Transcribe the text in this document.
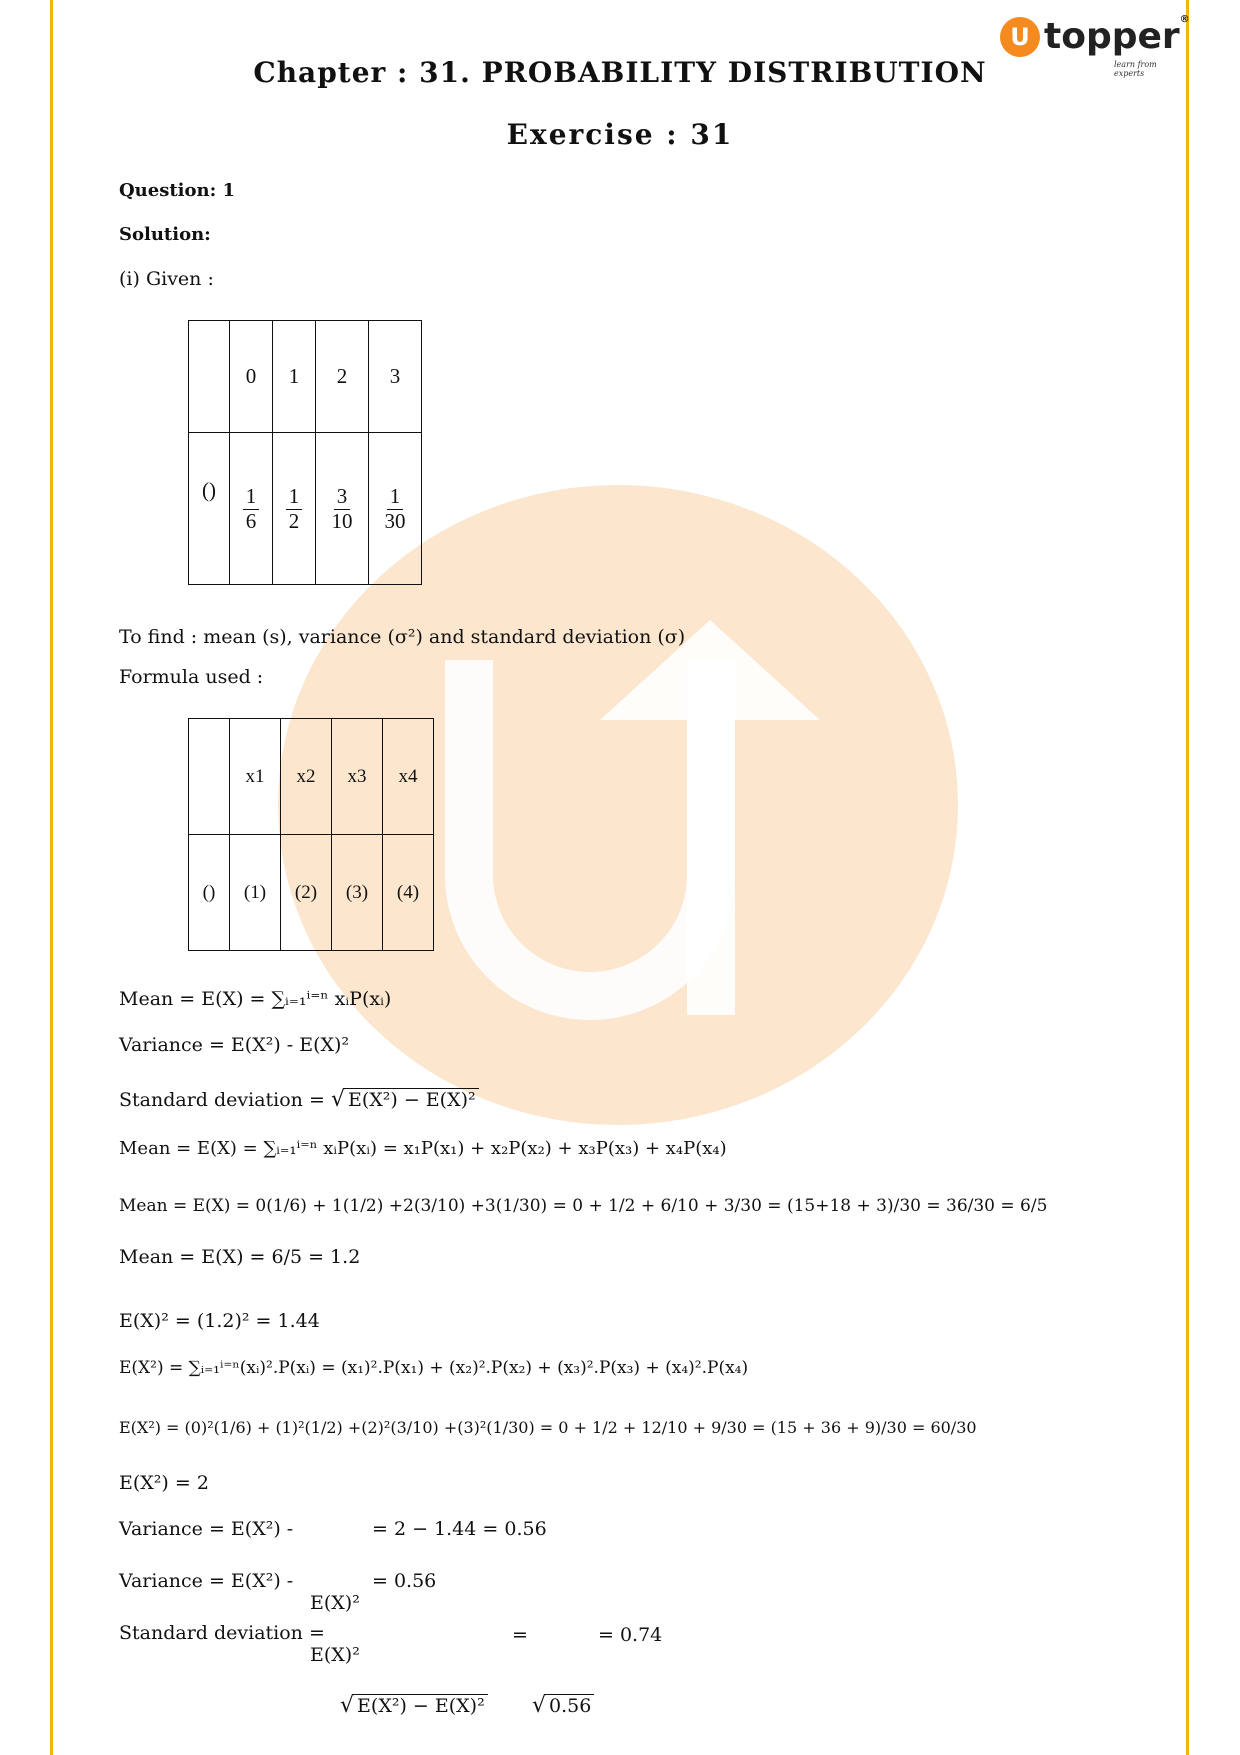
U topper ®
learn from experts
Chapter : 31. PROBABILITY DISTRIBUTION
Exercise : 31
Question: 1
Solution:
(i) Given :
	0	1	2	3
()	$\frac{1}{6}$	$\frac{1}{2}$	$\frac{3}{10}$	$\frac{1}{30}$
To find : mean (s), variance (σ²) and standard deviation (σ)
Formula used :
	x1	x2	x3	x4
()	(1)	(2)	(3)	(4)
Mean = E(X) = ∑ᵢ₌₁ⁱ⁼ⁿ xᵢP(xᵢ)
Variance = E(X²) - E(X)²
Standard deviation = √ E(X²) − E(X)²
Mean = E(X) = ∑ᵢ₌₁ⁱ⁼ⁿ xᵢP(xᵢ) = x₁P(x₁) + x₂P(x₂) + x₃P(x₃) + x₄P(x₄)
Mean = E(X) = 0(1/6) + 1(1/2) +2(3/10) +3(1/30) = 0 + 1/2 + 6/10 + 3/30 = (15+18 + 3)/30 = 36/30 = 6/5
Mean = E(X) = 6/5 = 1.2
E(X)² = (1.2)² = 1.44
E(X²) = ∑ᵢ₌₁ⁱ⁼ⁿ(xᵢ)².P(xᵢ) = (x₁)².P(x₁) + (x₂)².P(x₂) + (x₃)².P(x₃) + (x₄)².P(x₄)
E(X²) = (0)²(1/6) + (1)²(1/2) +(2)²(3/10) +(3)²(1/30) = 0 + 1/2 + 12/10 + 9/30 = (15 + 36 + 9)/30 = 60/30
E(X²) = 2
Variance = E(X²) -	= 2 − 1.44 = 0.56
Variance = E(X²) -	= 0.56
E(X)²
Standard deviation =	=	= 0.74
E(X)²
√ E(X²) − E(X)² √ 0.56
